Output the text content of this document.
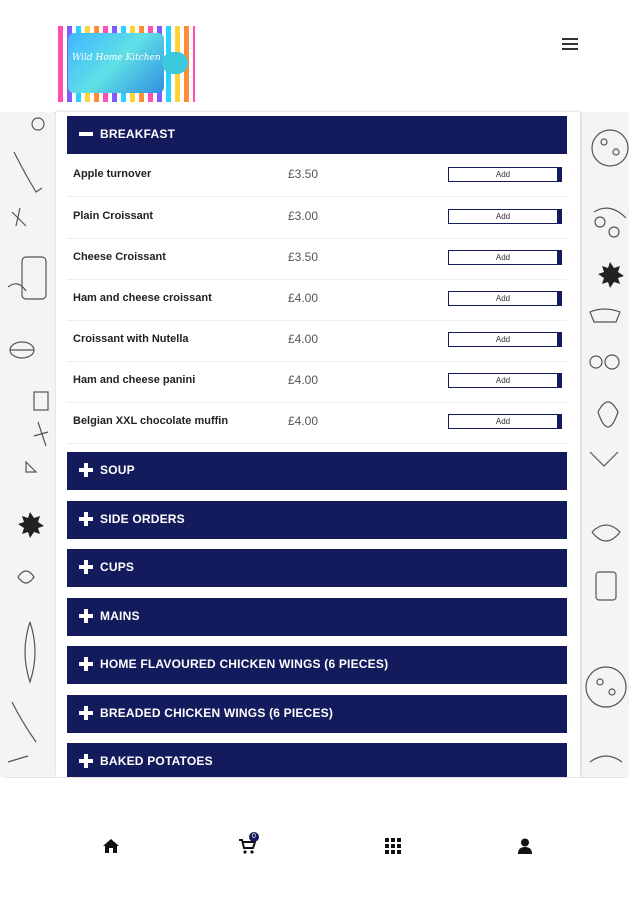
Wild Home Kitchen
BREAKFAST
Apple turnover	£3.50	Add
Plain Croissant	£3.00	Add
Cheese Croissant	£3.50	Add
Ham and cheese croissant	£4.00	Add
Croissant with Nutella	£4.00	Add
Ham and cheese panini	£4.00	Add
Belgian XXL chocolate muffin	£4.00	Add
SOUP
SIDE ORDERS
CUPS
MAINS
HOME FLAVOURED CHICKEN WINGS (6 PIECES)
BREADED CHICKEN WINGS (6 PIECES)
BAKED POTATOES
0
